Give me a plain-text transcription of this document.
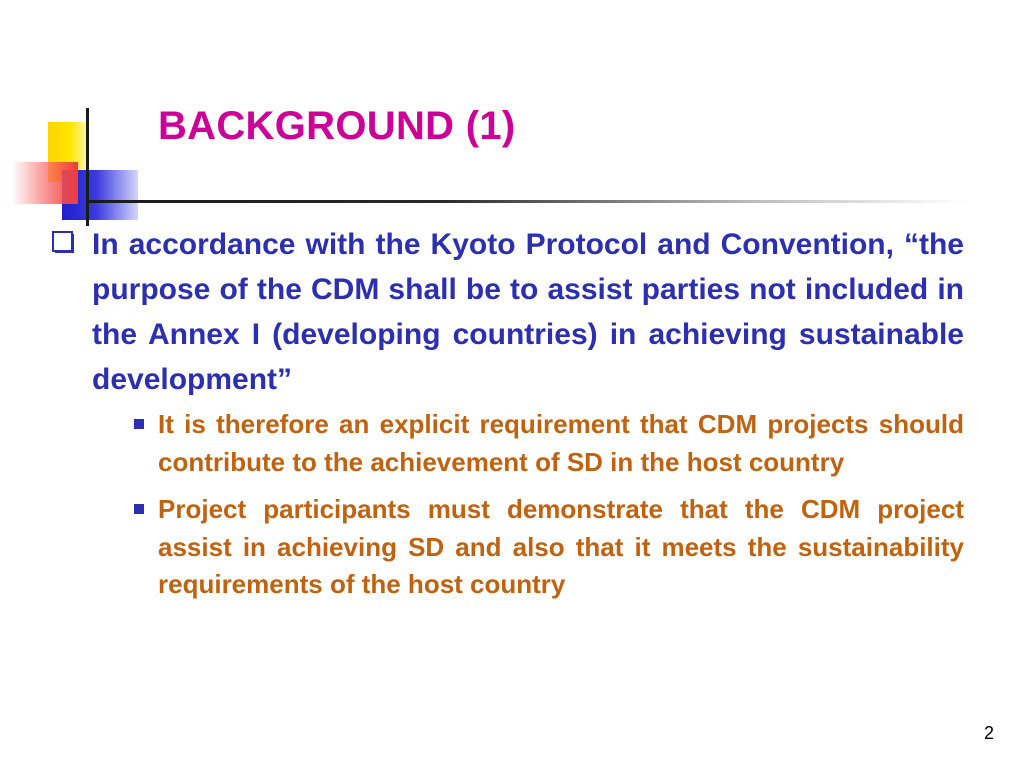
BACKGROUND (1)
In accordance with the Kyoto Protocol and Convention, “the purpose of the CDM shall be to assist parties not included in the Annex I (developing countries) in achieving sustainable development”
It is therefore an explicit requirement that CDM projects should contribute to the achievement of SD in the host country
Project participants must demonstrate that the CDM project assist in achieving SD and also that it meets the sustainability requirements of the host country
2
